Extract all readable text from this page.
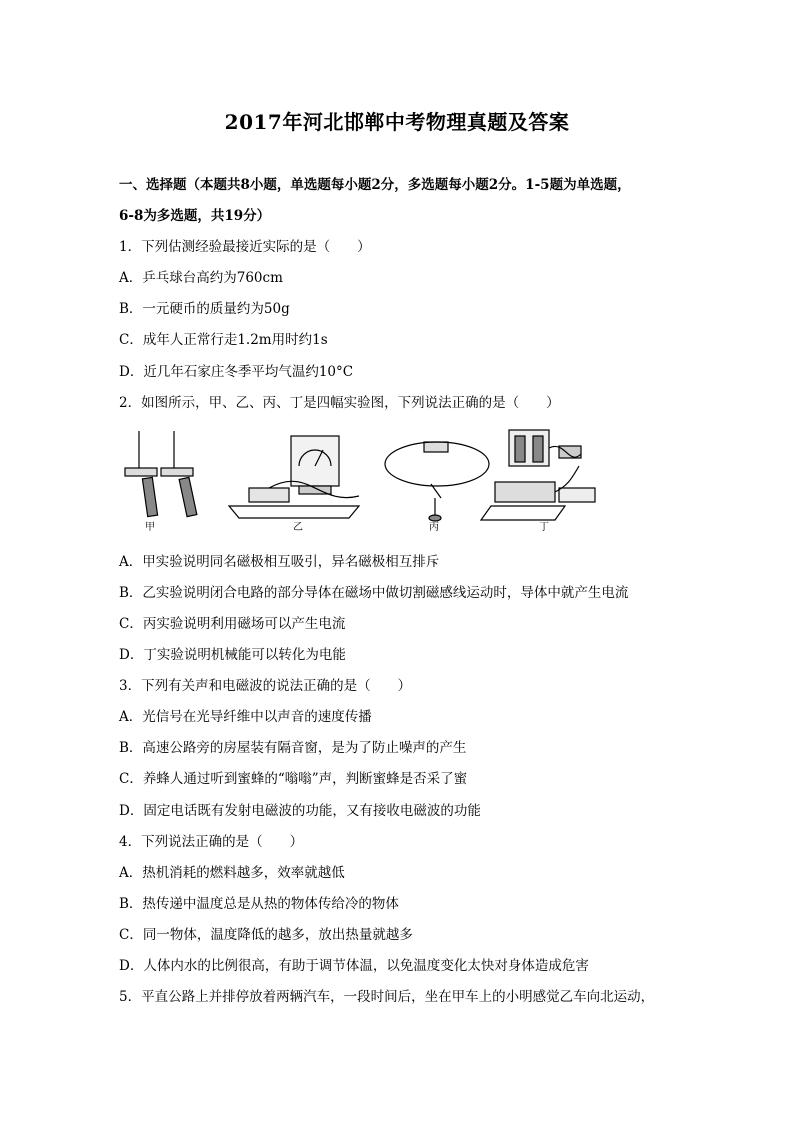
2017年河北邯郸中考物理真题及答案
一、选择题（本题共8小题，单选题每小题2分，多选题每小题2分。1-5题为单选题，
6-8为多选题，共19分）
1．下列估测经验最接近实际的是（　　）
A．乒乓球台高约为760cm
B．一元硬币的质量约为50g
C．成年人正常行走1.2m用时约1s
D．近几年石家庄冬季平均气温约10°C
2．如图所示，甲、乙、丙、丁是四幅实验图，下列说法正确的是（　　）
甲	乙	丙	丁
A．甲实验说明同名磁极相互吸引，异名磁极相互排斥
B．乙实验说明闭合电路的部分导体在磁场中做切割磁感线运动时，导体中就产生电流
C．丙实验说明利用磁场可以产生电流
D．丁实验说明机械能可以转化为电能
3．下列有关声和电磁波的说法正确的是（　　）
A．光信号在光导纤维中以声音的速度传播
B．高速公路旁的房屋装有隔音窗，是为了防止噪声的产生
C．养蜂人通过听到蜜蜂的“嗡嗡”声，判断蜜蜂是否采了蜜
D．固定电话既有发射电磁波的功能，又有接收电磁波的功能
4．下列说法正确的是（　　）
A．热机消耗的燃料越多，效率就越低
B．热传递中温度总是从热的物体传给冷的物体
C．同一物体，温度降低的越多，放出热量就越多
D．人体内水的比例很高，有助于调节体温，以免温度变化太快对身体造成危害
5．平直公路上并排停放着两辆汽车，一段时间后，坐在甲车上的小明感觉乙车向北运动，
